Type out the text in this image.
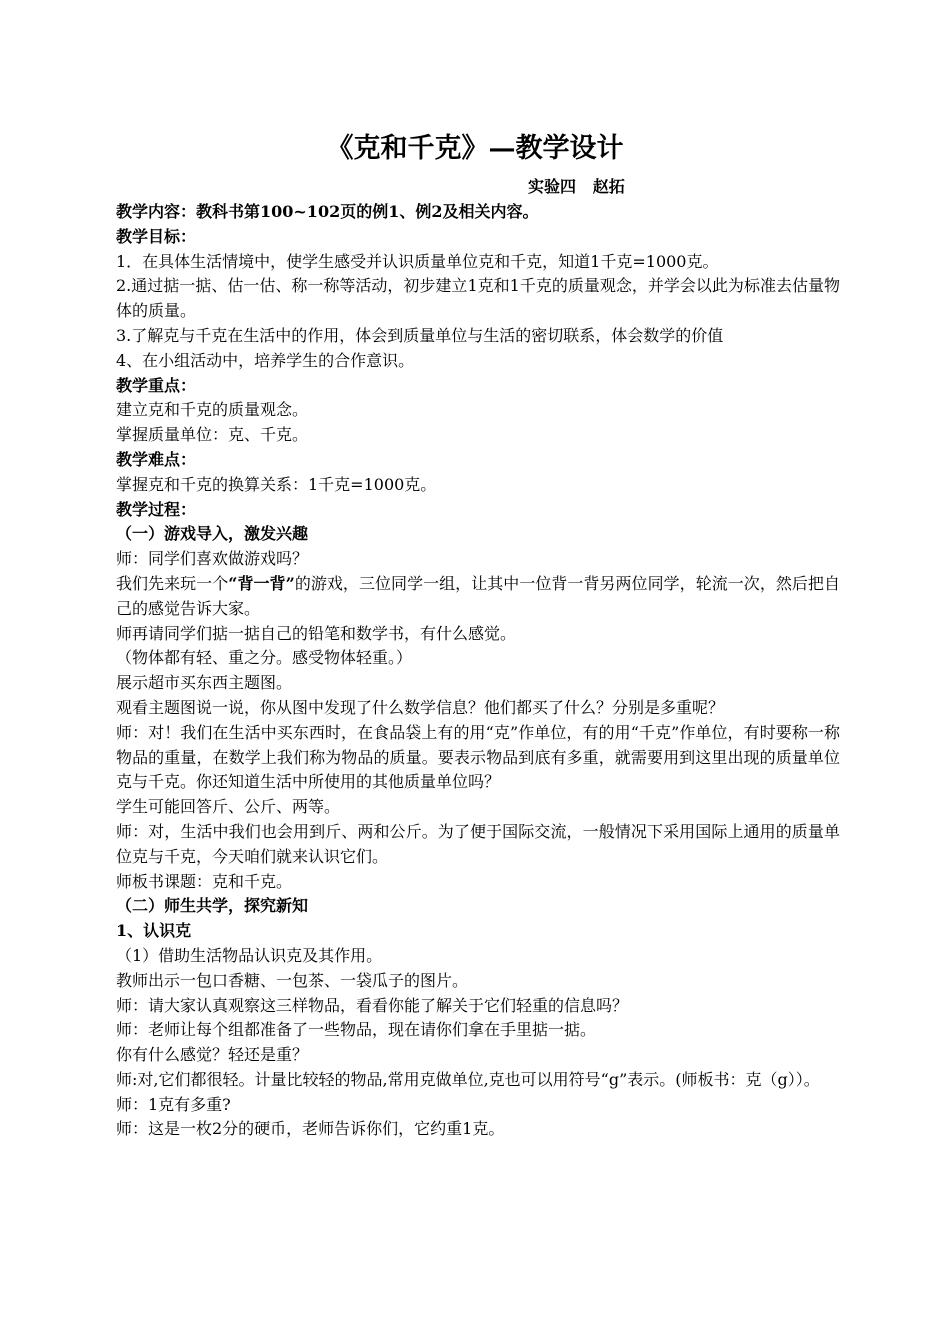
《克和千克》—教学设计
实验四   赵拓

教学内容：教科书第100~102页的例1、例2及相关内容。

教学目标：

1．在具体生活情境中，使学生感受并认识质量单位克和千克，知道1千克=1000克。

2.通过掂一掂、估一估、称一称等活动，初步建立1克和1千克的质量观念，并学会以此为标准去估量物体的质量。

3.了解克与千克在生活中的作用，体会到质量单位与生活的密切联系，体会数学的价值

4、在小组活动中，培养学生的合作意识。

教学重点：

建立克和千克的质量观念。

掌握质量单位：克、千克。

教学难点：

掌握克和千克的换算关系：1千克=1000克。

教学过程：

（一）游戏导入，激发兴趣

师：同学们喜欢做游戏吗？

我们先来玩一个“背一背”的游戏，三位同学一组，让其中一位背一背另两位同学，轮流一次，然后把自己的感觉告诉大家。

师再请同学们掂一掂自己的铅笔和数学书，有什么感觉。

（物体都有轻、重之分。感受物体轻重。）

展示超市买东西主题图。

观看主题图说一说，你从图中发现了什么数学信息？他们都买了什么？分别是多重呢？

师：对！我们在生活中买东西时，在食品袋上有的用“克”作单位，有的用“千克”作单位，有时要称一称物品的重量，在数学上我们称为物品的质量。要表示物品到底有多重，就需要用到这里出现的质量单位克与千克。你还知道生活中所使用的其他质量单位吗？

学生可能回答斤、公斤、两等。

师：对，生活中我们也会用到斤、两和公斤。为了便于国际交流，一般情况下采用国际上通用的质量单位克与千克，今天咱们就来认识它们。

师板书课题：克和千克。

（二）师生共学，探究新知

1、认识克

（1）借助生活物品认识克及其作用。

教师出示一包口香糖、一包茶、一袋瓜子的图片。

师：请大家认真观察这三样物品，看看你能了解关于它们轻重的信息吗？

师：老师让每个组都准备了一些物品，现在请你们拿在手里掂一掂。

你有什么感觉？轻还是重？

师:对,它们都很轻。计量比较轻的物品,常用克做单位,克也可以用符号“g”表示。(师板书：克（g））。

师：1克有多重?

师：这是一枚2分的硬币，老师告诉你们，它约重1克。
